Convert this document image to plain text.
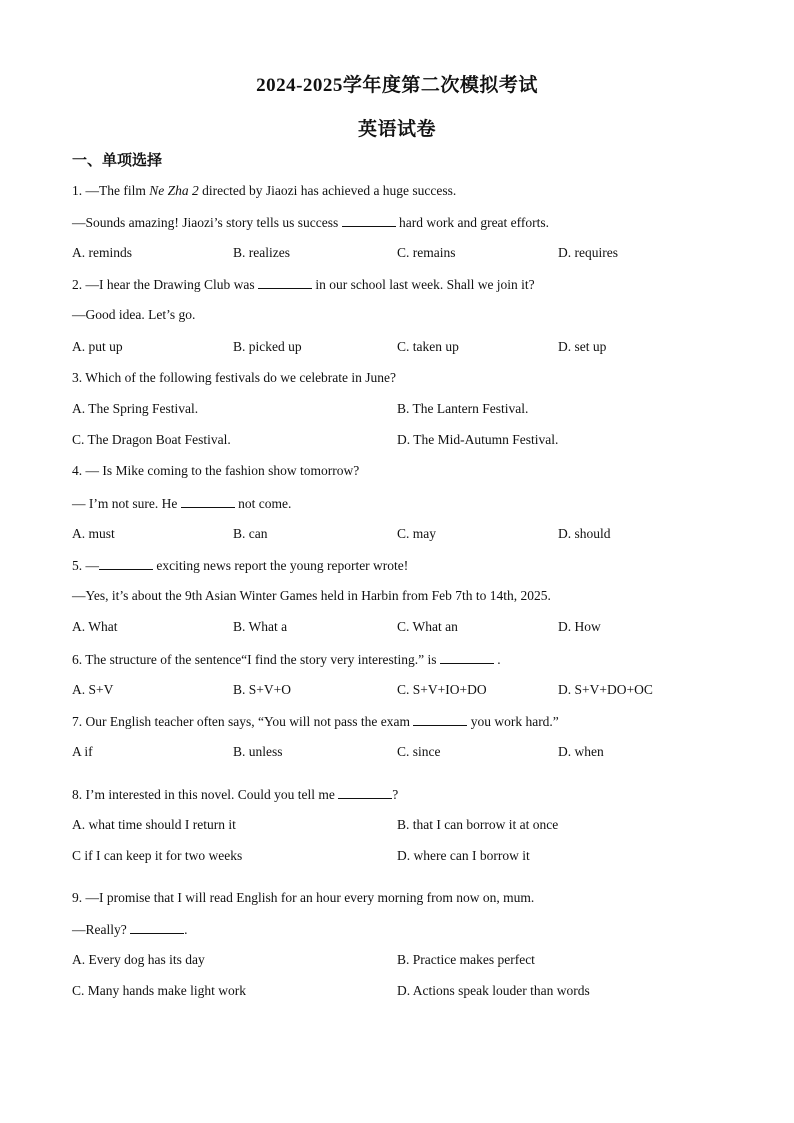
2024-2025学年度第二次模拟考试
英语试卷
一、单项选择
1. —The film Ne Zha 2 directed by Jiaozi has achieved a huge success.
—Sounds amazing! Jiaozi’s story tells us success	hard work and great efforts.
A. reminds	B. realizes	C. remains	D. requires
2. —I hear the Drawing Club was	in our school last week. Shall we join it?
—Good idea. Let’s go.
A. put up	B. picked up	C. taken up	D. set up
3. Which of the following festivals do we celebrate in June?
A. The Spring Festival.	B. The Lantern Festival.
C. The Dragon Boat Festival.	D. The Mid-Autumn Festival.
4. — Is Mike coming to the fashion show tomorrow?
— I’m not sure. He	not come.
A. must	B. can	C. may	D. should
5. —	exciting news report the young reporter wrote!
—Yes, it’s about the 9th Asian Winter Games held in Harbin from Feb 7th to 14th, 2025.
A. What	B. What a	C. What an	D. How
6. The structure of the sentence“I find the story very interesting.” is	.
A. S+V	B. S+V+O	C. S+V+IO+DO	D. S+V+DO+OC
7. Our English teacher often says, “You will not pass the exam	you work hard.”
A if	B. unless	C. since	D. when
8. I’m interested in this novel. Could you tell me	?
A. what time should I return it	B. that I can borrow it at once
C if I can keep it for two weeks	D. where can I borrow it
9. —I promise that I will read English for an hour every morning from now on, mum.
—Really?	.
A. Every dog has its day	B. Practice makes perfect
C. Many hands make light work	D. Actions speak louder than words
